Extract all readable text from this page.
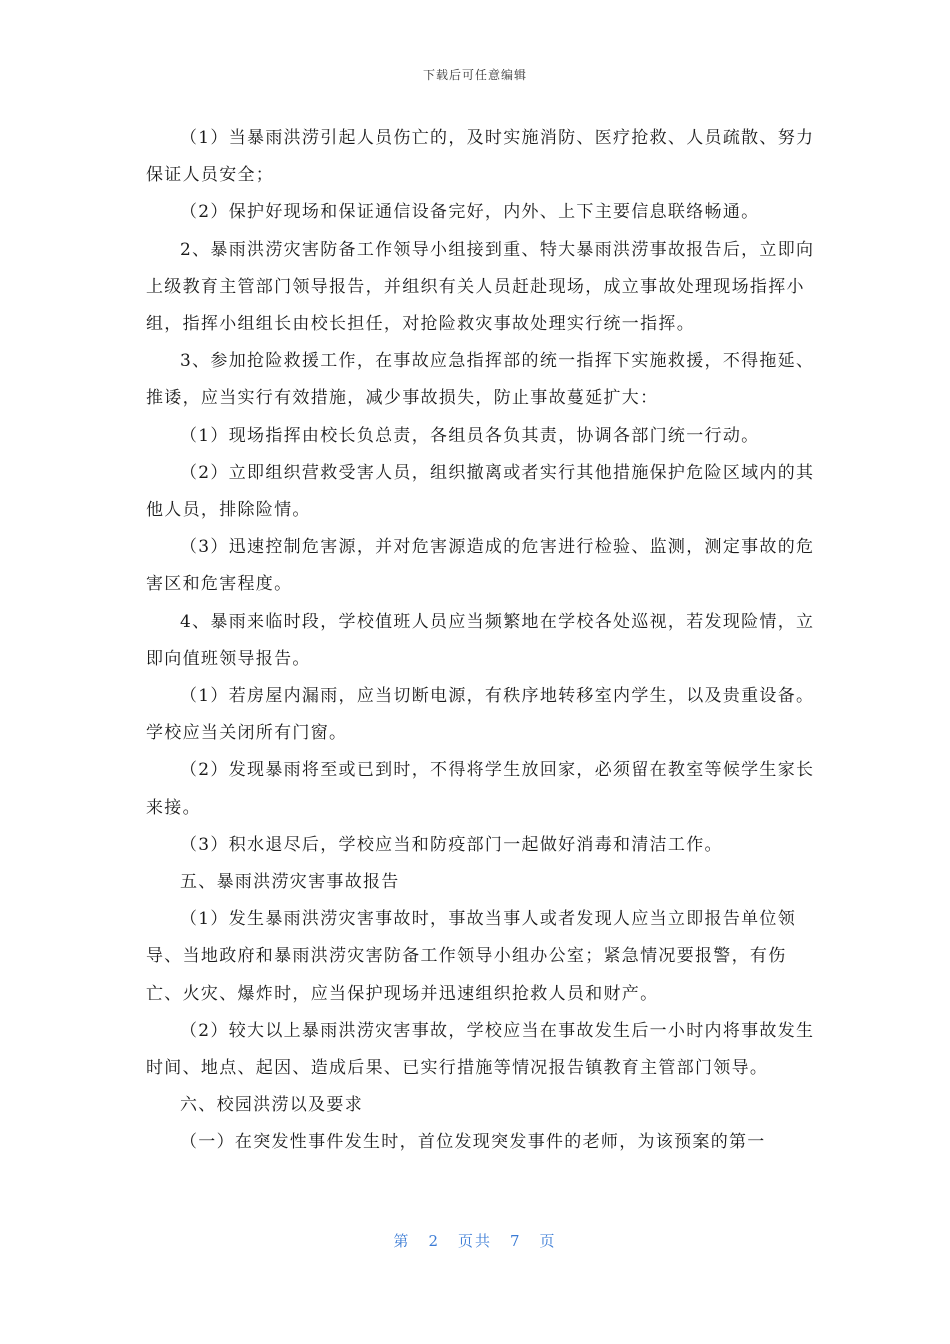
下载后可任意编辑

（1）当暴雨洪涝引起人员伤亡的，及时实施消防、医疗抢救、人员疏散、努力保证人员安全；

（2）保护好现场和保证通信设备完好，内外、上下主要信息联络畅通。

2、暴雨洪涝灾害防备工作领导小组接到重、特大暴雨洪涝事故报告后，立即向上级教育主管部门领导报告，并组织有关人员赶赴现场，成立事故处理现场指挥小组，指挥小组组长由校长担任，对抢险救灾事故处理实行统一指挥。

3、参加抢险救援工作，在事故应急指挥部的统一指挥下实施救援，不得拖延、推诿，应当实行有效措施，减少事故损失，防止事故蔓延扩大：

（1）现场指挥由校长负总责，各组员各负其责，协调各部门统一行动。

（2）立即组织营救受害人员，组织撤离或者实行其他措施保护危险区域内的其他人员，排除险情。

（3）迅速控制危害源，并对危害源造成的危害进行检验、监测，测定事故的危害区和危害程度。

4、暴雨来临时段，学校值班人员应当频繁地在学校各处巡视，若发现险情，立即向值班领导报告。

（1）若房屋内漏雨，应当切断电源，有秩序地转移室内学生，以及贵重设备。学校应当关闭所有门窗。

（2）发现暴雨将至或已到时，不得将学生放回家，必须留在教室等候学生家长来接。

（3）积水退尽后，学校应当和防疫部门一起做好消毒和清洁工作。

五、暴雨洪涝灾害事故报告

（1）发生暴雨洪涝灾害事故时，事故当事人或者发现人应当立即报告单位领导、当地政府和暴雨洪涝灾害防备工作领导小组办公室；紧急情况要报警，有伤亡、火灾、爆炸时，应当保护现场并迅速组织抢救人员和财产。

（2）较大以上暴雨洪涝灾害事故，学校应当在事故发生后一小时内将事故发生时间、地点、起因、造成后果、已实行措施等情况报告镇教育主管部门领导。

六、校园洪涝以及要求

（一）在突发性事件发生时，首位发现突发事件的老师，为该预案的第一

第 2 页共 7 页
